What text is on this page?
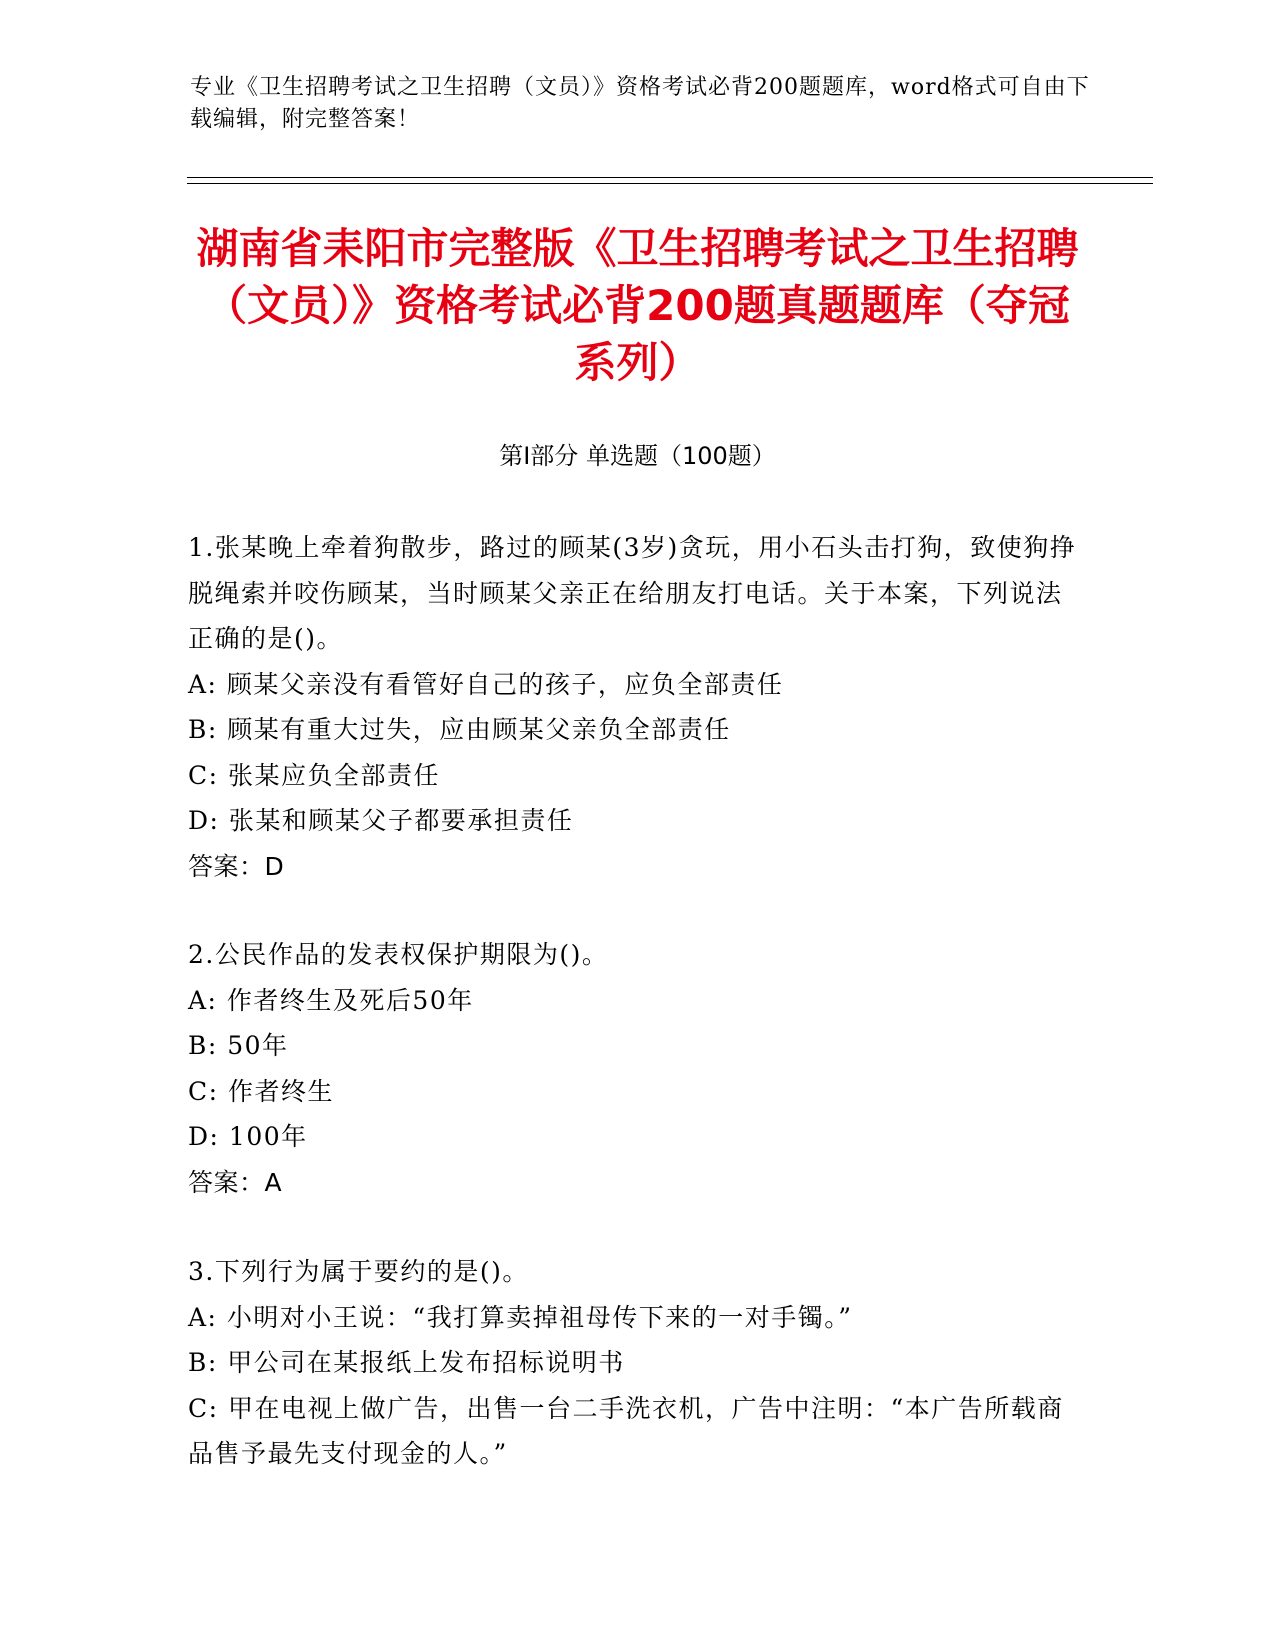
专业《卫生招聘考试之卫生招聘（文员）》资格考试必背200题题库，word格式可自由下载编辑，附完整答案！
湖南省耒阳市完整版《卫生招聘考试之卫生招聘（文员）》资格考试必背200题真题题库（夺冠系列）
第I部分 单选题（100题）

1.张某晚上牵着狗散步，路过的顾某(3岁)贪玩，用小石头击打狗，致使狗挣脱绳索并咬伤顾某，当时顾某父亲正在给朋友打电话。关于本案，下列说法正确的是()。

A: 顾某父亲没有看管好自己的孩子，应负全部责任

B: 顾某有重大过失，应由顾某父亲负全部责任

C: 张某应负全部责任

D: 张某和顾某父子都要承担责任

答案：D

2.公民作品的发表权保护期限为()。

A: 作者终生及死后50年

B: 50年

C: 作者终生

D: 100年

答案：A

3.下列行为属于要约的是()。

A: 小明对小王说：“我打算卖掉祖母传下来的一对手镯。”

B: 甲公司在某报纸上发布招标说明书

C: 甲在电视上做广告，出售一台二手洗衣机，广告中注明：“本广告所载商品售予最先支付现金的人。”
